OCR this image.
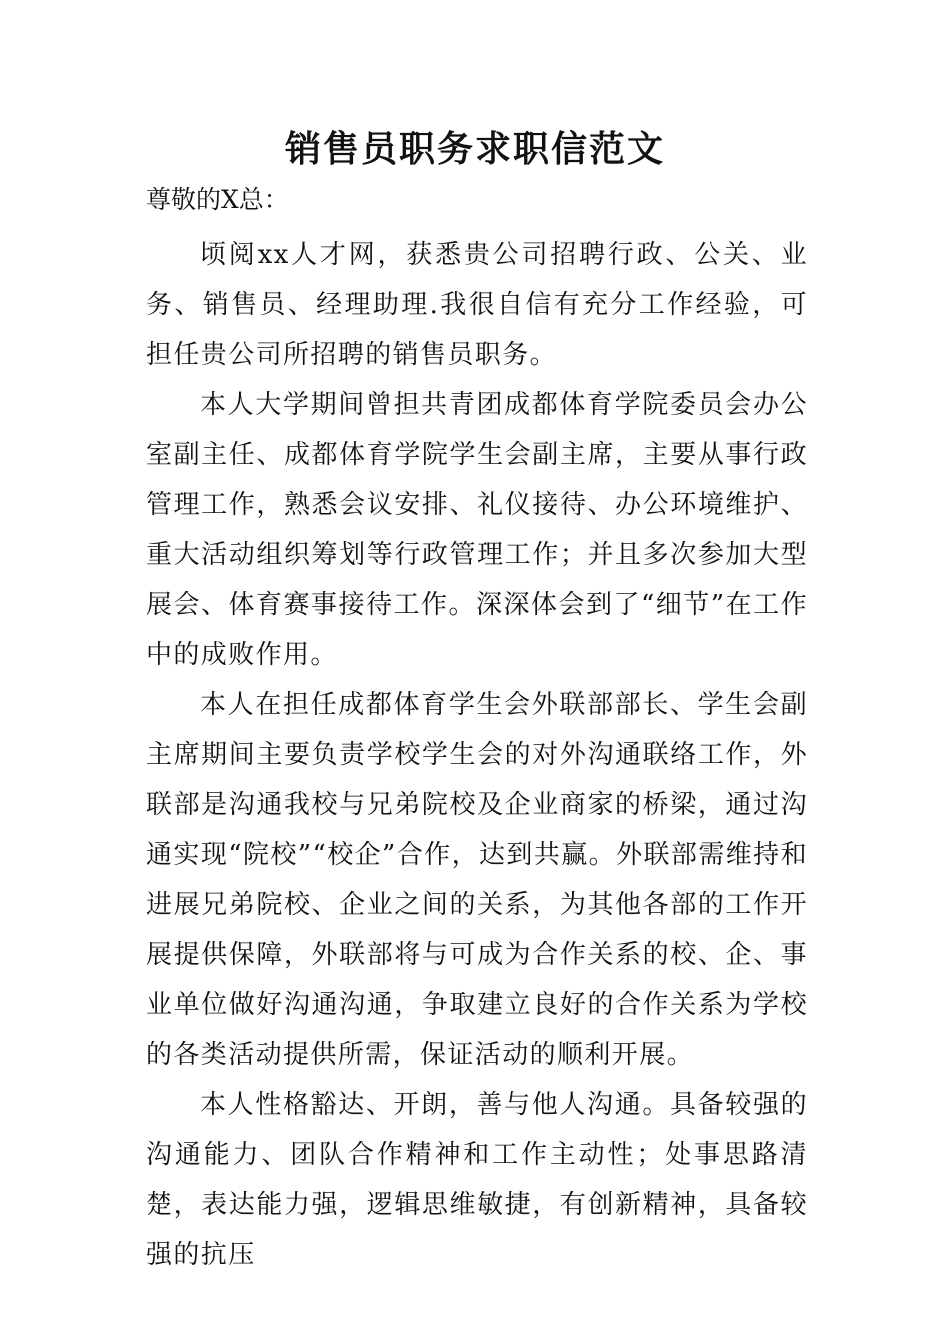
销售员职务求职信范文

尊敬的X总：

顷阅xx人才网，获悉贵公司招聘行政、公关、业务、销售员、经理助理.我很自信有充分工作经验，可担任贵公司所招聘的销售员职务。

本人大学期间曾担共青团成都体育学院委员会办公室副主任、成都体育学院学生会副主席，主要从事行政管理工作，熟悉会议安排、礼仪接待、办公环境维护、重大活动组织筹划等行政管理工作；并且多次参加大型展会、体育赛事接待工作。深深体会到了“细节”在工作中的成败作用。

本人在担任成都体育学生会外联部部长、学生会副主席期间主要负责学校学生会的对外沟通联络工作，外联部是沟通我校与兄弟院校及企业商家的桥梁，通过沟通实现“院校”“校企”合作，达到共赢。外联部需维持和进展兄弟院校、企业之间的关系，为其他各部的工作开展提供保障，外联部将与可成为合作关系的校、企、事业单位做好沟通沟通，争取建立良好的合作关系为学校的各类活动提供所需，保证活动的顺利开展。

本人性格豁达、开朗，善与他人沟通。具备较强的沟通能力、团队合作精神和工作主动性；处事思路清楚，表达能力强，逻辑思维敏捷，有创新精神，具备较强的抗压
